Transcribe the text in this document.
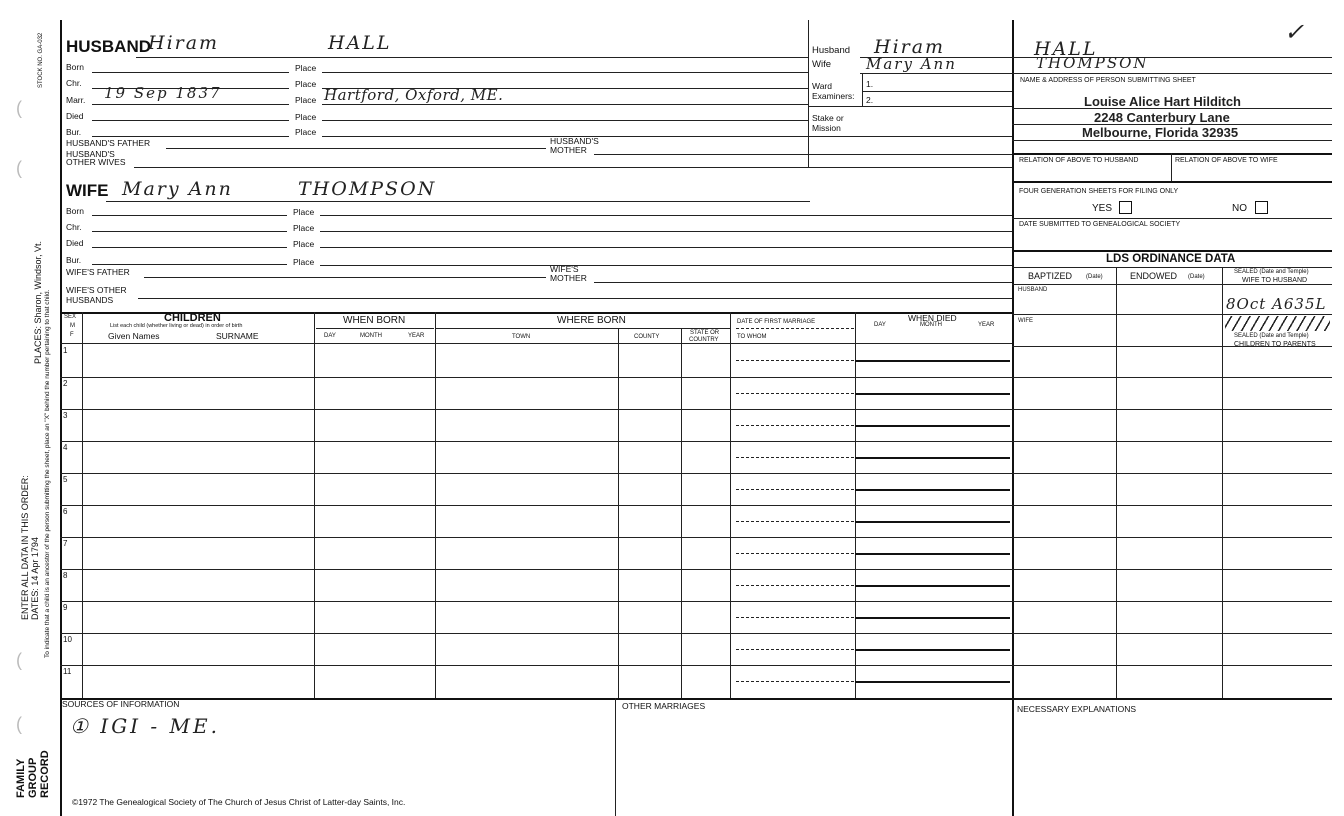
STOCK NO. GA-032
PLACES: Sharon, Windsor, Vt. To indicate that a child is an ancestor of the person submitting the sheet, place an "X" behind the number pertaining to that child.
ENTER ALL DATA IN THIS ORDER: DATES: 14 Apr 1794
FAMILY GROUP RECORD
(
(
(
(
HUSBAND
Hiram	HALL
Born	Place
Chr.	Place
Marr. 19 Sep 1837	Place Hartford, Oxford, ME.
Died	Place
Bur.	Place
HUSBAND'S FATHER	HUSBAND'S
MOTHER
HUSBAND'S
OTHER WIVES
WIFE Mary Ann	THOMPSON
Born	Place
Chr.	Place
Died	Place
Bur.	Place
WIFE'S FATHER	WIFE'S
MOTHER
WIFE'S OTHER
HUSBANDS
Husband Hiram	HALL
Wife Mary Ann	THOMPSON
✓
Ward
Examiners:
1.
2.
Stake or
Mission
NAME & ADDRESS OF PERSON SUBMITTING SHEET
Louise Alice Hart Hilditch
2248 Canterbury Lane
Melbourne, Florida 32935
RELATION OF ABOVE TO HUSBAND	RELATION OF ABOVE TO WIFE
FOUR GENERATION SHEETS FOR FILING ONLY
YES	NO
DATE SUBMITTED TO GENEALOGICAL SOCIETY
LDS ORDINANCE DATA
BAPTIZED (Date)	ENDOWED (Date)
SEALED (Date and Temple)
WIFE TO HUSBAND
HUSBAND
8Oct A635L
WIFE
SEALED (Date and Temple)
CHILDREN TO PARENTS
SEX
M
F
CHILDREN
List each child (whether living or dead) in order of birth
Given Names	SURNAME
WHEN BORN
DAY	MONTH	YEAR
WHERE BORN
TOWN	COUNTY
STATE OR
COUNTRY
DATE OF FIRST MARRIAGE
TO WHOM
WHEN DIED
DAY	MONTH	YEAR
1
2
3
4
5
6
7
8
9
10
11
SOURCES OF INFORMATION
① IGI - ME.
OTHER MARRIAGES	NECESSARY EXPLANATIONS
©1972 The Genealogical Society of The Church of Jesus Christ of Latter-day Saints, Inc.
